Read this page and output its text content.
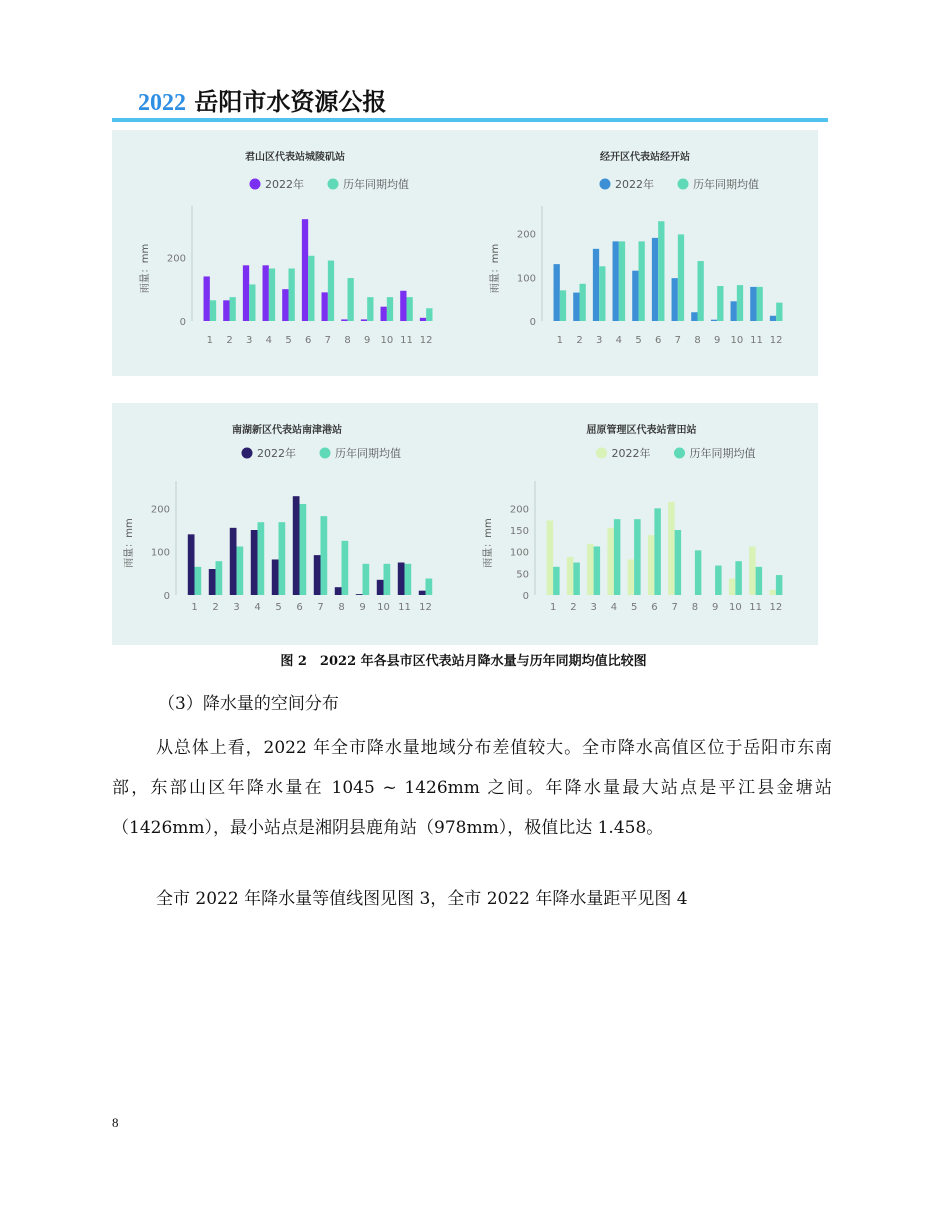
2022 岳阳市水资源公报
君山区代表站城陵矶站
2022年	历年同期均值
雨量：mm
0
200
1 2 3 4 5 6 7 8 9 10 11 12
经开区代表站经开站
2022年	历年同期均值
雨量：mm
0
100
200
1 2 3 4 5 6 7 8 9 10 11 12
南湖新区代表站南津港站
2022年	历年同期均值
雨量：mm
0
100
200
1 2 3 4 5 6 7 8 9 10 11 12
屈原管理区代表站营田站
2022年	历年同期均值
雨量：mm
0
50
100
150
200
1 2 3 4 5 6 7 8 9 10 11 12
图 2　2022 年各县市区代表站月降水量与历年同期均值比较图
（3）降水量的空间分布
从总体上看，2022 年全市降水量地域分布差值较大。全市降水高值区位于岳阳市东南部，东部山区年降水量在 1045 ~ 1426mm 之间。年降水量最大站点是平江县金塘站（1426mm），最小站点是湘阴县鹿角站（978mm），极值比达 1.458。
全市 2022 年降水量等值线图见图 3，全市 2022 年降水量距平见图 4
8
